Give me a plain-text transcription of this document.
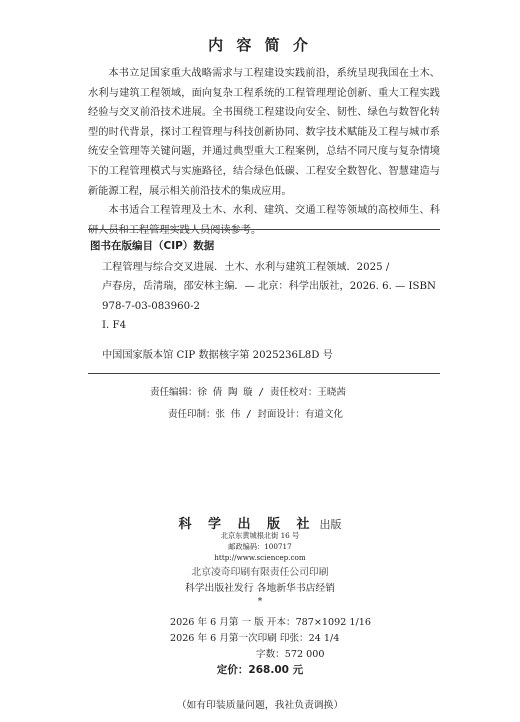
内 容 简 介

本书立足国家重大战略需求与工程建设实践前沿，系统呈现我国在土木、水利与建筑工程领域，面向复杂工程系统的工程管理理论创新、重大工程实践经验与交叉前沿技术进展。全书围绕工程建设向安全、韧性、绿色与数智化转型的时代背景，探讨工程管理与科技创新协同、数字技术赋能及工程与城市系统安全管理等关键问题，并通过典型重大工程案例，总结不同尺度与复杂情境下的工程管理模式与实施路径，结合绿色低碳、工程安全数智化、智慧建造与新能源工程，展示相关前沿技术的集成应用。

本书适合工程管理及土木、水利、建筑、交通工程等领域的高校师生、科研人员和工程管理实践人员阅读参考。

图书在版编目（CIP）数据
工程管理与综合交叉进展．土木、水利与建筑工程领域．2025 /
卢春房，岳清瑞，邵安林主编．— 北京：科学出版社，2026. 6. — ISBN
978-7-03-083960-2
Ⅰ. F4
中国国家版本馆 CIP 数据核字第 2025236L8D 号
责任编辑：徐 倩 陶 璇 / 责任校对：王晓茜
责任印制：张 伟 / 封面设计：有道文化
科 学 出 版 社 出版
北京东黄城根北街 16 号
邮政编码：100717
http://www.sciencep.com
北京凌奇印刷有限责任公司印刷
科学出版社发行 各地新华书店经销
*
2026 年 6 月第 一 版 开本：787×1092 1/16
2026 年 6 月第一次印刷 印张：24 1/4
字数：572 000
定价：268.00 元
（如有印装质量问题，我社负责调换）
